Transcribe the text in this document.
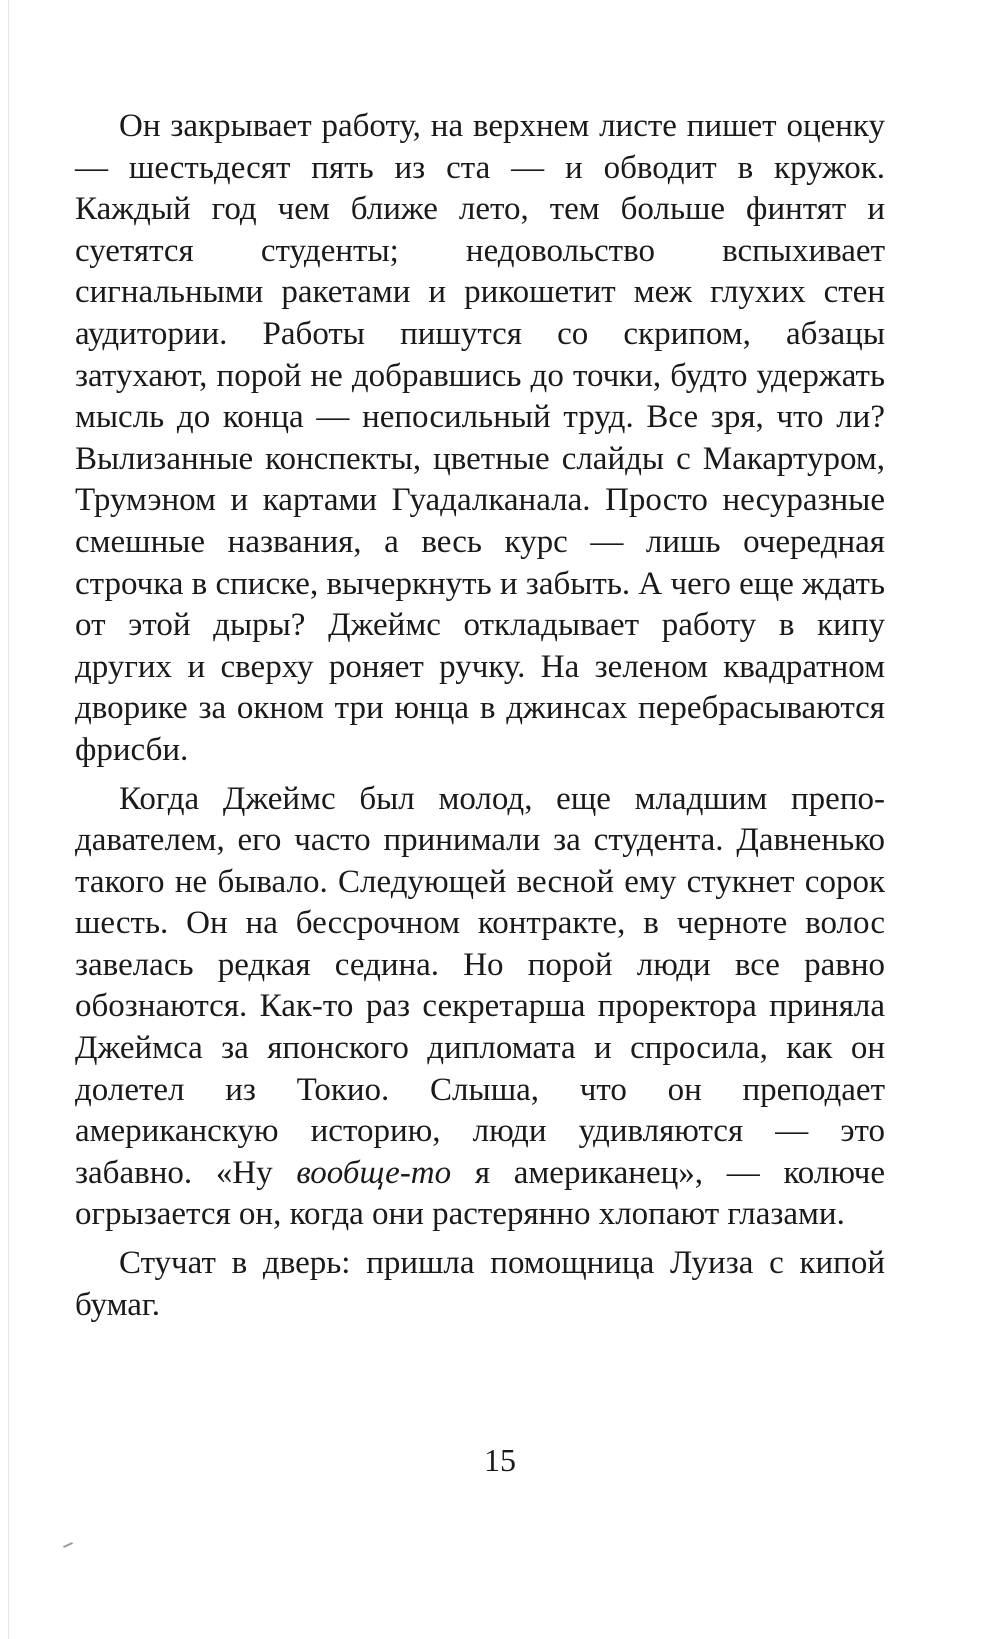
Он закрывает работу, на верхнем листе пишет оценку — шестьдесят пять из ста — и обводит в кружок. Каждый год чем ближе лето, тем больше финтят и суетятся студенты; недовольство вспыхивает сигнальными ракетами и рикошетит меж глухих стен аудитории. Работы пишутся со скрипом, абзацы затухают, порой не добравшись до точки, будто удержать мысль до конца — непосильный труд. Все зря, что ли? Вылизанные конспекты, цветные слайды с Макартуром, Трумэном и картами Гуадалканала. Просто несуразные смешные названия, а весь курс — лишь очередная строчка в списке, вычеркнуть и забыть. А чего еще ждать от этой дыры? Джеймс откладывает работу в кипу других и сверху роняет ручку. На зеленом квадратном дворике за окном три юнца в джинсах перебрасываются фрисби.

Когда Джеймс был молод, еще младшим преподавателем, его часто принимали за студента. Давненько такого не бывало. Следующей весной ему стукнет сорок шесть. Он на бессрочном контракте, в черноте волос завелась редкая седина. Но порой люди все равно обознаются. Как-то раз секретарша проректора приняла Джеймса за японского дипломата и спросила, как он долетел из Токио. Слыша, что он преподает американскую историю, люди удивляются — это забавно. «Ну вообще-то я американец», — колюче огрызается он, когда они растерянно хлопают глазами.

Стучат в дверь: пришла помощница Луиза с кипой бумаг.

15
